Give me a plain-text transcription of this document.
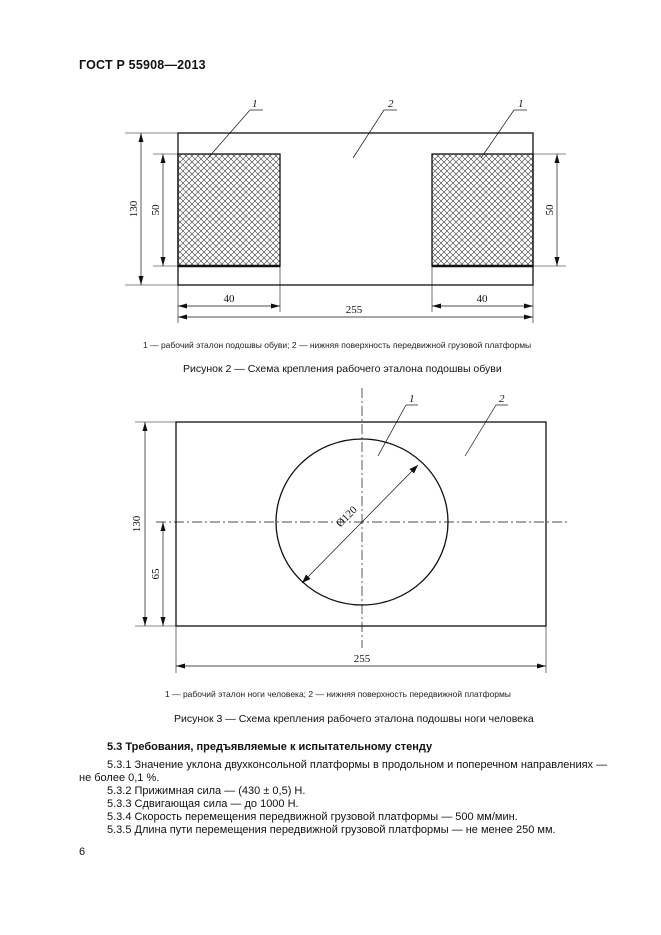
ГОСТ Р 55908—2013
1	2	1
130 50	50
40	40
255
1	2
130
65
255
Ø120
1 — рабочий эталон подошвы обуви; 2 — нижняя поверхность передвижной грузовой платформы
Рисунок 2 — Схема крепления рабочего эталона подошвы обуви
1 — рабочий эталон ноги человека; 2 — нижняя поверхность передвижной платформы
Рисунок 3 — Схема крепления рабочего эталона подошвы ноги человека
5.3 Требования, предъявляемые к испытательному стенду
5.3.1 Значение уклона двухконсольной платформы в продольном и поперечном направлениях —
не более 0,1 %.
5.3.2 Прижимная сила — (430 ± 0,5) Н.
5.3.3 Сдвигающая сила — до 1000 Н.
5.3.4 Скорость перемещения передвижной грузовой платформы — 500 мм/мин.
5.3.5 Длина пути перемещения передвижной грузовой платформы — не менее 250 мм.
6
